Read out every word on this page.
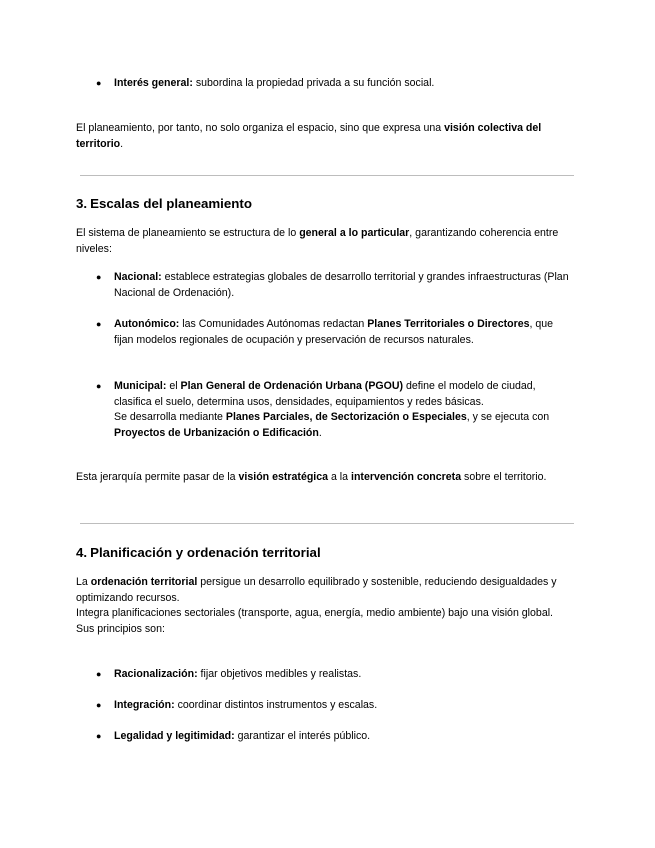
● Interés general: subordina la propiedad privada a su función social.

El planeamiento, por tanto, no solo organiza el espacio, sino que expresa una visión colectiva del territorio.

3. Escalas del planeamiento

El sistema de planeamiento se estructura de lo general a lo particular, garantizando coherencia entre niveles:

● Nacional: establece estrategias globales de desarrollo territorial y grandes infraestructuras (Plan Nacional de Ordenación).
● Autonómico: las Comunidades Autónomas redactan Planes Territoriales o Directores, que fijan modelos regionales de ocupación y preservación de recursos naturales.
● Municipal: el Plan General de Ordenación Urbana (PGOU) define el modelo de ciudad, clasifica el suelo, determina usos, densidades, equipamientos y redes básicas.
Se desarrolla mediante Planes Parciales, de Sectorización o Especiales, y se ejecuta con Proyectos de Urbanización o Edificación.

Esta jerarquía permite pasar de la visión estratégica a la intervención concreta sobre el territorio.

4. Planificación y ordenación territorial

La ordenación territorial persigue un desarrollo equilibrado y sostenible, reduciendo desigualdades y optimizando recursos.
Integra planificaciones sectoriales (transporte, agua, energía, medio ambiente) bajo una visión global.
Sus principios son:

● Racionalización: fijar objetivos medibles y realistas.
● Integración: coordinar distintos instrumentos y escalas.
● Legalidad y legitimidad: garantizar el interés público.
